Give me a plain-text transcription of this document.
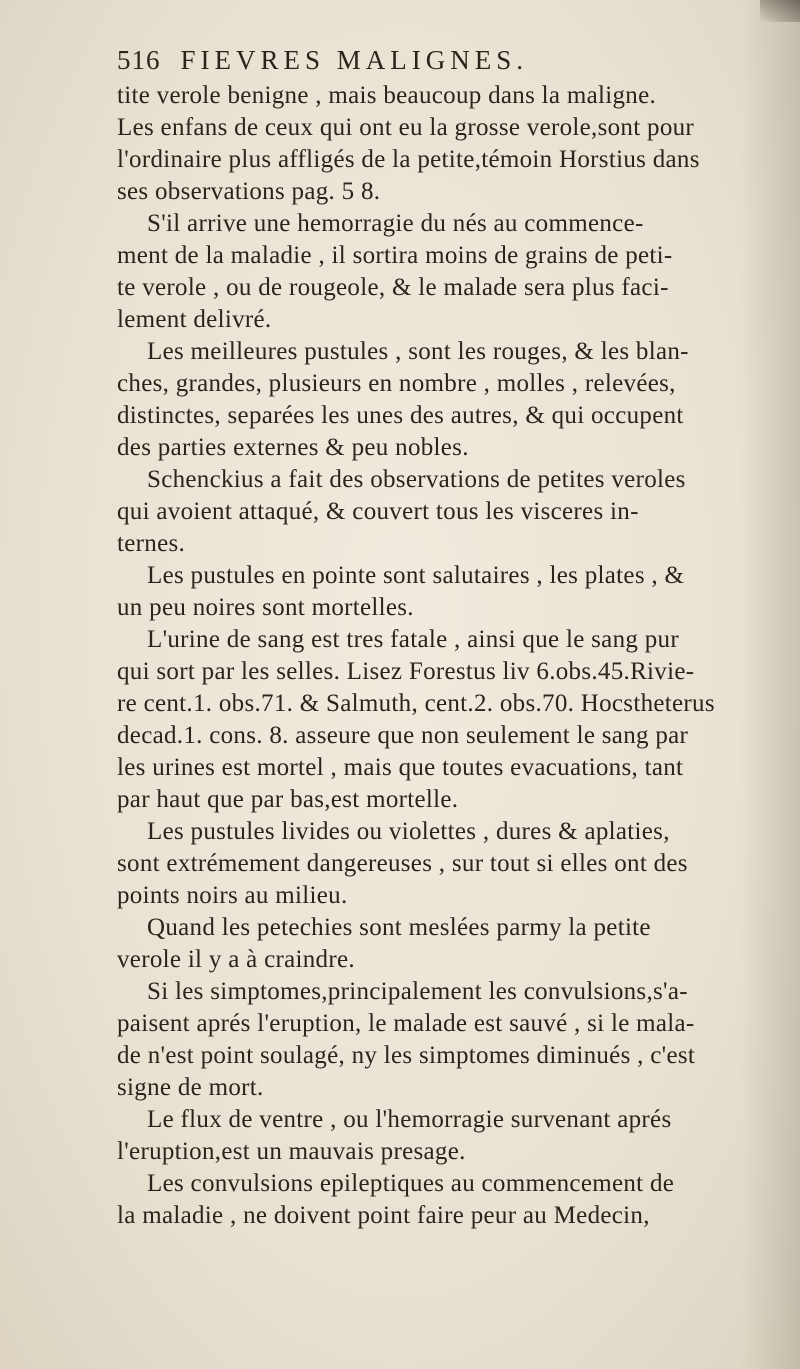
516 FIEVRES MALIGNES.
tite verole benigne , mais beaucoup dans la maligne.
Les enfans de ceux qui ont eu la grosse verole,sont pour
l'ordinaire plus affligés de la petite,témoin Horstius dans
ses observations pag. 5 8.
S'il arrive une hemorragie du nés au commence-
ment de la maladie , il sortira moins de grains de peti-
te verole , ou de rougeole, & le malade sera plus faci-
lement delivré.
Les meilleures pustules , sont les rouges, & les blan-
ches, grandes, plusieurs en nombre , molles , relevées,
distinctes, separées les unes des autres, & qui occupent
des parties externes & peu nobles.
Schenckius a fait des observations de petites veroles
qui avoient attaqué, & couvert tous les visceres in-
ternes.
Les pustules en pointe sont salutaires , les plates , &
un peu noires sont mortelles.
L'urine de sang est tres fatale , ainsi que le sang pur
qui sort par les selles. Lisez Forestus liv 6.obs.45.Rivie-
re cent.1. obs.71. & Salmuth, cent.2. obs.70. Hocstheterus
decad.1. cons. 8. asseure que non seulement le sang par
les urines est mortel , mais que toutes evacuations, tant
par haut que par bas,est mortelle.
Les pustules livides ou violettes , dures & aplaties,
sont extrémement dangereuses , sur tout si elles ont des
points noirs au milieu.
Quand les petechies sont meslées parmy la petite
verole il y a à craindre.
Si les simptomes,principalement les convulsions,s'a-
paisent aprés l'eruption, le malade est sauvé , si le mala-
de n'est point soulagé, ny les simptomes diminués , c'est
signe de mort.
Le flux de ventre , ou l'hemorragie survenant aprés
l'eruption,est un mauvais presage.
Les convulsions epileptiques au commencement de
la maladie , ne doivent point faire peur au Medecin,
